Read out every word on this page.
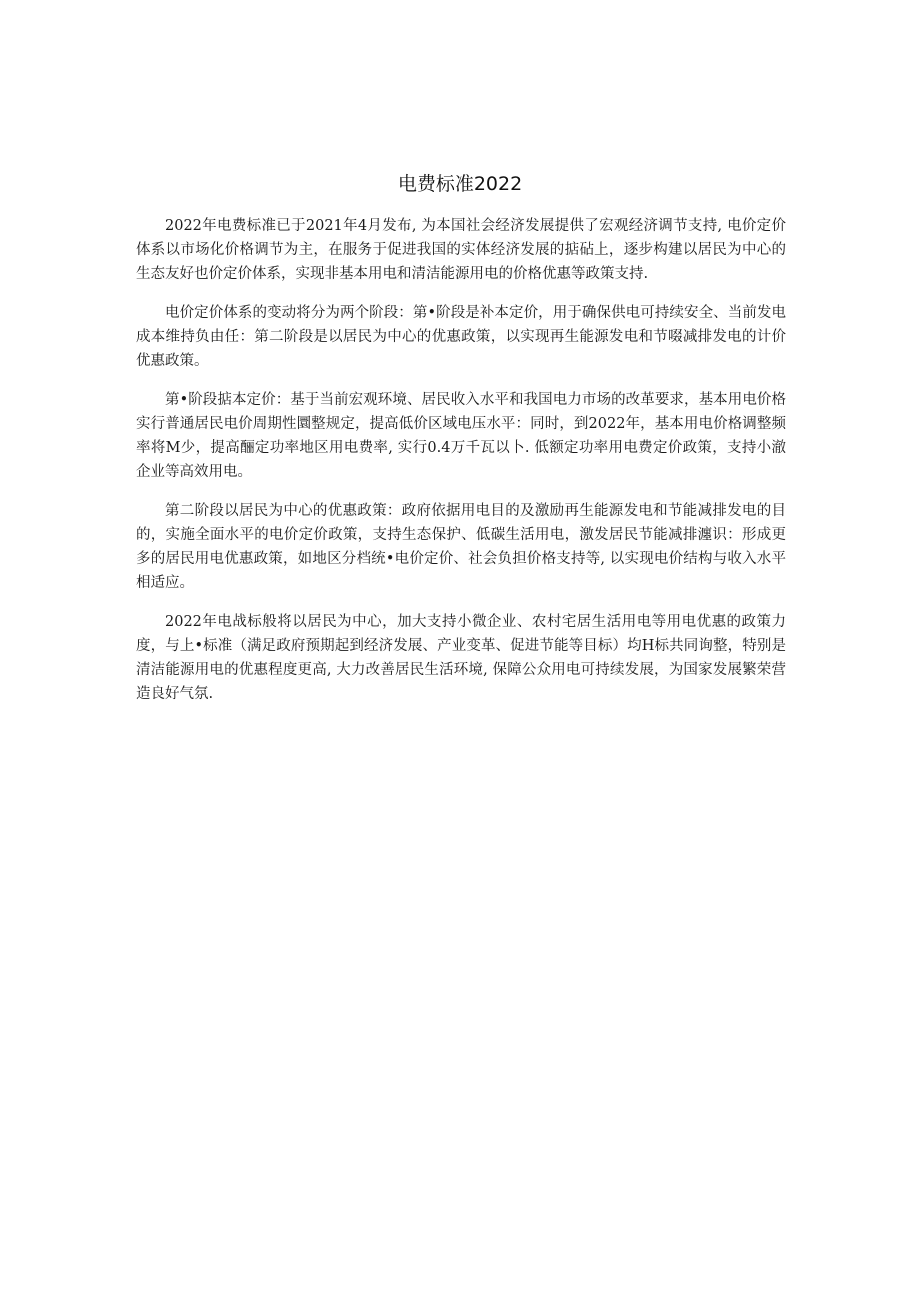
电费标准2022

2022年电费标准已于2021年4月发布, 为本国社会经济发展提供了宏观经济调节支持, 电价定价体系以市场化价格调节为主，在服务于促进我国的实体经济发展的掂砧上，逐步构建以居民为中心的生态友好也价定价体系，实现非基本用电和清洁能源用电的价格优惠等政策支持.

电价定价体系的变动将分为两个阶段：第•阶段是补本定价，用于确保供电可持续安全、当前发电成本维持负由任：第二阶段是以居民为中心的优惠政策，以实现再生能源发电和节啜减排发电的计价优惠政策。

第•阶段掂本定价：基于当前宏观环境、居民收入水平和我国电力市场的改革要求，基本用电价格实行普通居民电价周期性圜整规定，提高低价区域电压水平：同时，到2022年，基本用电价格调整频率将M少，提高酾定功率地区用电费率, 实行0.4万千瓦以卜. 低额定功率用电费定价政策，支持小澈企业等高效用电。

第二阶段以居民为中心的优惠政策：政府依据用电目的及激励再生能源发电和节能减排发电的目的，实施全面水平的电价定价政策，支持生态保护、低碳生活用电，激发居民节能减排瀍识：形成更多的居民用电优惠政策，如地区分档统•电价定价、社会负担价格支持等, 以实现电价结构与收入水平相适应。

2022年电战标般将以居民为中心，加大支持小微企业、农村宅居生活用电等用电优惠的政策力度，与上•标准（满足政府预期起到经济发展、产业变革、促进节能等目标）均H标共同询整，特别是清洁能源用电的优惠程度更高, 大力改善居民生活环境, 保障公众用电可持续发展，为国家发展繁荣营造良好气氛.
